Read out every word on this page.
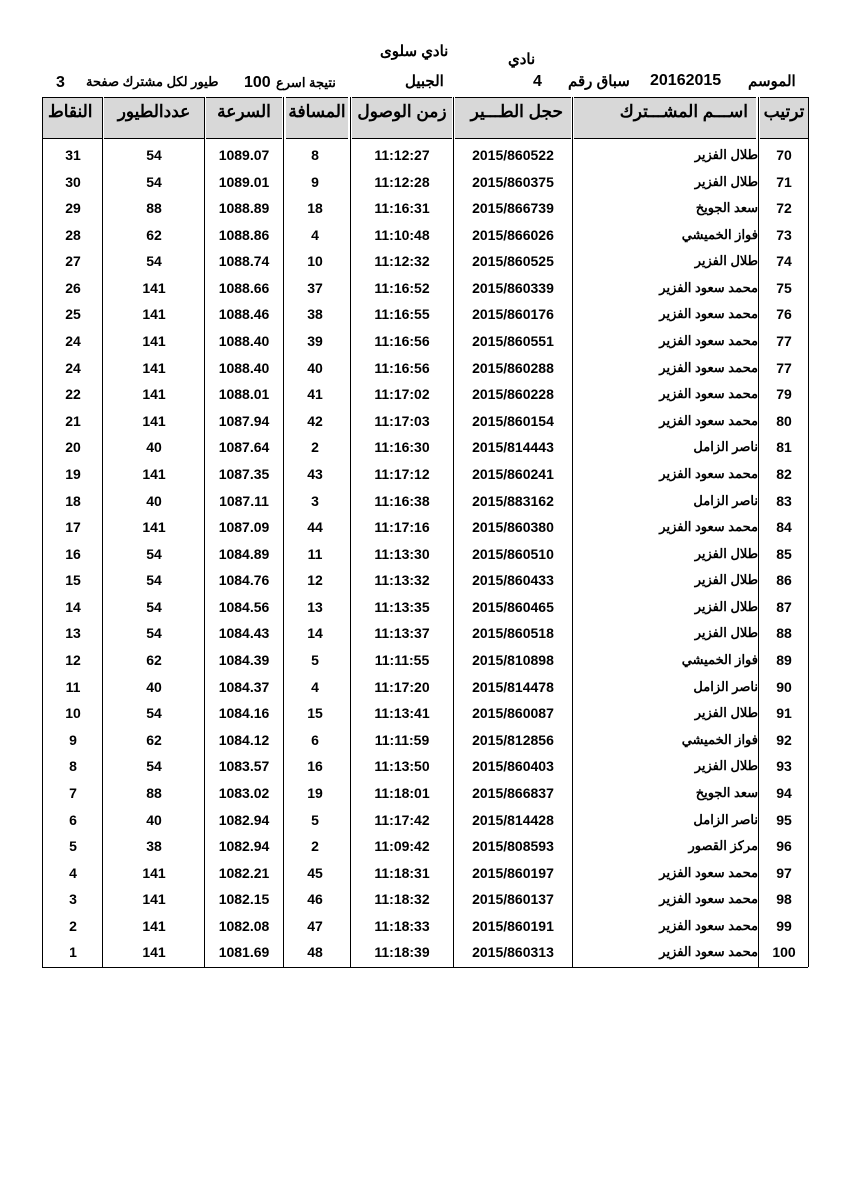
نادي سلوى	نادي
الموسم
20162015
سباق رقم
4
الجبيل
نتيجة اسرع
100
طيور لكل مشترك صفحة
3
ترتيب
اســـم المشـــترك
حجل الطـــير
زمن الوصول
المسافة
السرعة
عددالطيور
النقاط
70
طلال الفزير
2015/860522
11:12:27
8
1089.07
54
31
71
طلال الفزير
2015/860375
11:12:28
9
1089.01
54
30
72
سعد الجويخ
2015/866739
11:16:31
18
1088.89
88
29
73
فواز الخميشي
2015/866026
11:10:48
4
1088.86
62
28
74
طلال الفزير
2015/860525
11:12:32
10
1088.74
54
27
75
محمد سعود الفزير
2015/860339
11:16:52
37
1088.66
141
26
76
محمد سعود الفزير
2015/860176
11:16:55
38
1088.46
141
25
77
محمد سعود الفزير
2015/860551
11:16:56
39
1088.40
141
24
77
محمد سعود الفزير
2015/860288
11:16:56
40
1088.40
141
24
79
محمد سعود الفزير
2015/860228
11:17:02
41
1088.01
141
22
80
محمد سعود الفزير
2015/860154
11:17:03
42
1087.94
141
21
81
ناصر الزامل
2015/814443
11:16:30
2
1087.64
40
20
82
محمد سعود الفزير
2015/860241
11:17:12
43
1087.35
141
19
83
ناصر الزامل
2015/883162
11:16:38
3
1087.11
40
18
84
محمد سعود الفزير
2015/860380
11:17:16
44
1087.09
141
17
85
طلال الفزير
2015/860510
11:13:30
11
1084.89
54
16
86
طلال الفزير
2015/860433
11:13:32
12
1084.76
54
15
87
طلال الفزير
2015/860465
11:13:35
13
1084.56
54
14
88
طلال الفزير
2015/860518
11:13:37
14
1084.43
54
13
89
فواز الخميشي
2015/810898
11:11:55
5
1084.39
62
12
90
ناصر الزامل
2015/814478
11:17:20
4
1084.37
40
11
91
طلال الفزير
2015/860087
11:13:41
15
1084.16
54
10
92
فواز الخميشي
2015/812856
11:11:59
6
1084.12
62
9
93
طلال الفزير
2015/860403
11:13:50
16
1083.57
54
8
94
سعد الجويخ
2015/866837
11:18:01
19
1083.02
88
7
95
ناصر الزامل
2015/814428
11:17:42
5
1082.94
40
6
96
مركز القصور
2015/808593
11:09:42
2
1082.94
38
5
97
محمد سعود الفزير
2015/860197
11:18:31
45
1082.21
141
4
98
محمد سعود الفزير
2015/860137
11:18:32
46
1082.15
141
3
99
محمد سعود الفزير
2015/860191
11:18:33
47
1082.08
141
2
100
محمد سعود الفزير
2015/860313
11:18:39
48
1081.69
141
1
